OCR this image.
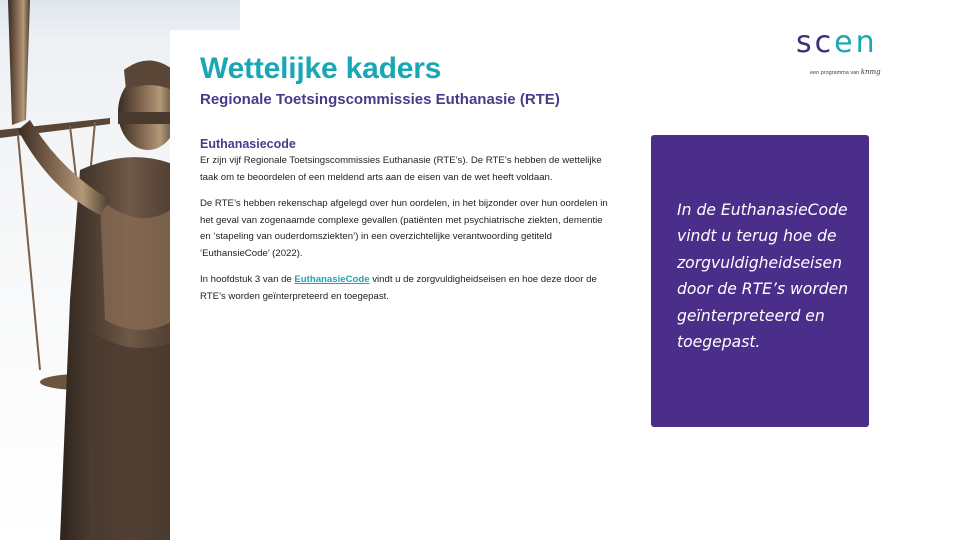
scen
een programma van knmg
Wettelijke kaders
Regionale Toetsingscommissies Euthanasie (RTE)
Euthanasiecode

Er zijn vijf Regionale Toetsingscommissies Euthanasie (RTE’s). De RTE’s hebben de wettelijke taak om te beoordelen of een meldend arts aan de eisen van de wet heeft voldaan.

De RTE’s hebben rekenschap afgelegd over hun oordelen, in het bijzonder over hun oordelen in het geval van zogenaamde complexe gevallen (patiënten met psychiatrische ziekten, dementie en ‘stapeling van ouderdomsziekten’) in een overzichtelijke verantwoording getiteld ‘EuthansieCode’ (2022).

In hoofdstuk 3 van de EuthanasieCode vindt u de zorgvuldigheidseisen en hoe deze door de RTE’s worden geïnterpreteerd en toegepast.

In de EuthanasieCode vindt u terug hoe de zorgvuldigheidseisen door de RTE’s worden geïnterpreteerd en toegepast.
